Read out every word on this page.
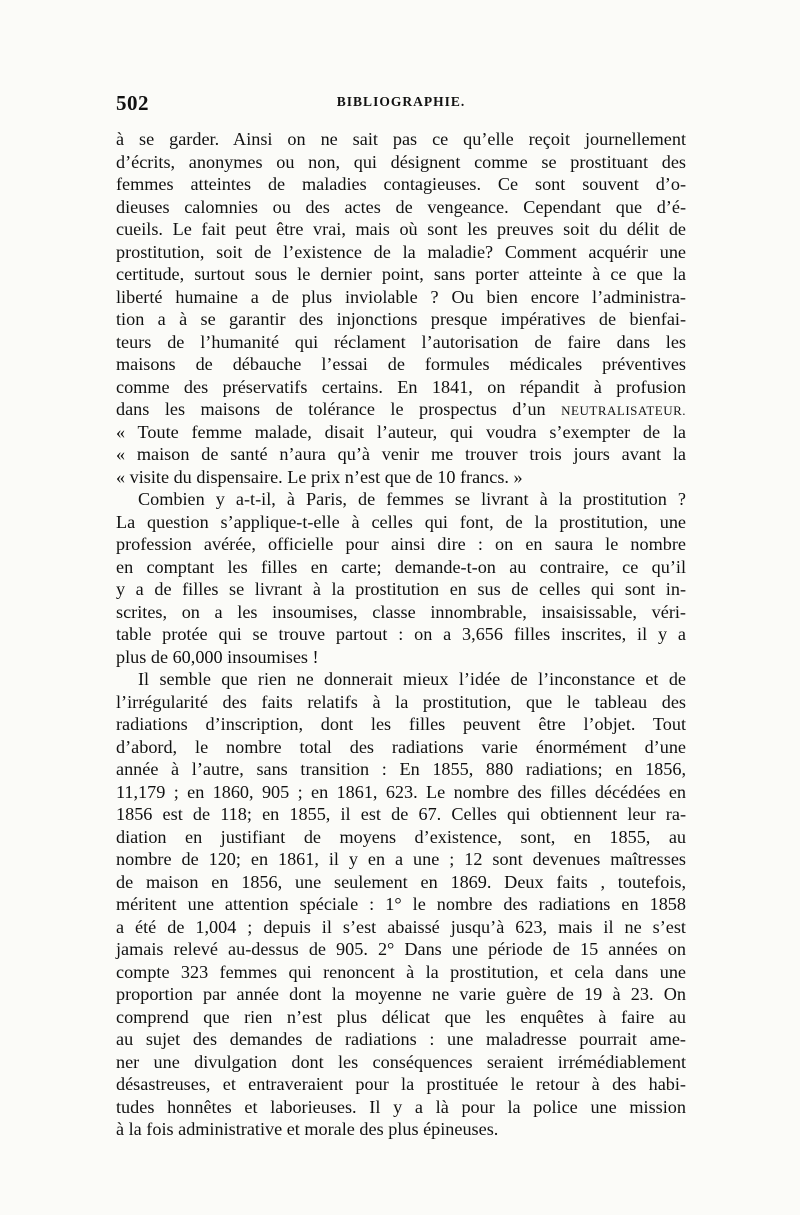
502	BIBLIOGRAPHIE.
à se garder. Ainsi on ne sait pas ce qu’elle reçoit journellement
d’écrits, anonymes ou non, qui désignent comme se prostituant des
femmes atteintes de maladies contagieuses. Ce sont souvent d’o-
dieuses calomnies ou des actes de vengeance. Cependant que d’é-
cueils. Le fait peut être vrai, mais où sont les preuves soit du délit de
prostitution, soit de l’existence de la maladie? Comment acquérir une
certitude, surtout sous le dernier point, sans porter atteinte à ce que la
liberté humaine a de plus inviolable ? Ou bien encore l’administra-
tion a à se garantir des injonctions presque impératives de bienfai-
teurs de l’humanité qui réclament l’autorisation de faire dans les
maisons de débauche l’essai de formules médicales préventives
comme des préservatifs certains. En 1841, on répandit à profusion
dans les maisons de tolérance le prospectus d’un NEUTRALISATEUR.
« Toute femme malade, disait l’auteur, qui voudra s’exempter de la
« maison de santé n’aura qu’à venir me trouver trois jours avant la
« visite du dispensaire. Le prix n’est que de 10 francs. »
Combien y a-t-il, à Paris, de femmes se livrant à la prostitution ?
La question s’applique-t-elle à celles qui font, de la prostitution, une
profession avérée, officielle pour ainsi dire : on en saura le nombre
en comptant les filles en carte; demande-t-on au contraire, ce qu’il
y a de filles se livrant à la prostitution en sus de celles qui sont in-
scrites, on a les insoumises, classe innombrable, insaisissable, véri-
table protée qui se trouve partout : on a 3,656 filles inscrites, il y a
plus de 60,000 insoumises !
Il semble que rien ne donnerait mieux l’idée de l’inconstance et de
l’irrégularité des faits relatifs à la prostitution, que le tableau des
radiations d’inscription, dont les filles peuvent être l’objet. Tout
d’abord, le nombre total des radiations varie énormément d’une
année à l’autre, sans transition : En 1855, 880 radiations; en 1856,
11,179 ; en 1860, 905 ; en 1861, 623. Le nombre des filles décédées en
1856 est de 118; en 1855, il est de 67. Celles qui obtiennent leur ra-
diation en justifiant de moyens d’existence, sont, en 1855, au
nombre de 120; en 1861, il y en a une ; 12 sont devenues maîtresses
de maison en 1856, une seulement en 1869. Deux faits , toutefois,
méritent une attention spéciale : 1° le nombre des radiations en 1858
a été de 1,004 ; depuis il s’est abaissé jusqu’à 623, mais il ne s’est
jamais relevé au-dessus de 905. 2° Dans une période de 15 années on
compte 323 femmes qui renoncent à la prostitution, et cela dans une
proportion par année dont la moyenne ne varie guère de 19 à 23. On
comprend que rien n’est plus délicat que les enquêtes à faire au
au sujet des demandes de radiations : une maladresse pourrait ame-
ner une divulgation dont les conséquences seraient irrémédiablement
désastreuses, et entraveraient pour la prostituée le retour à des habi-
tudes honnêtes et laborieuses. Il y a là pour la police une mission
à la fois administrative et morale des plus épineuses.
